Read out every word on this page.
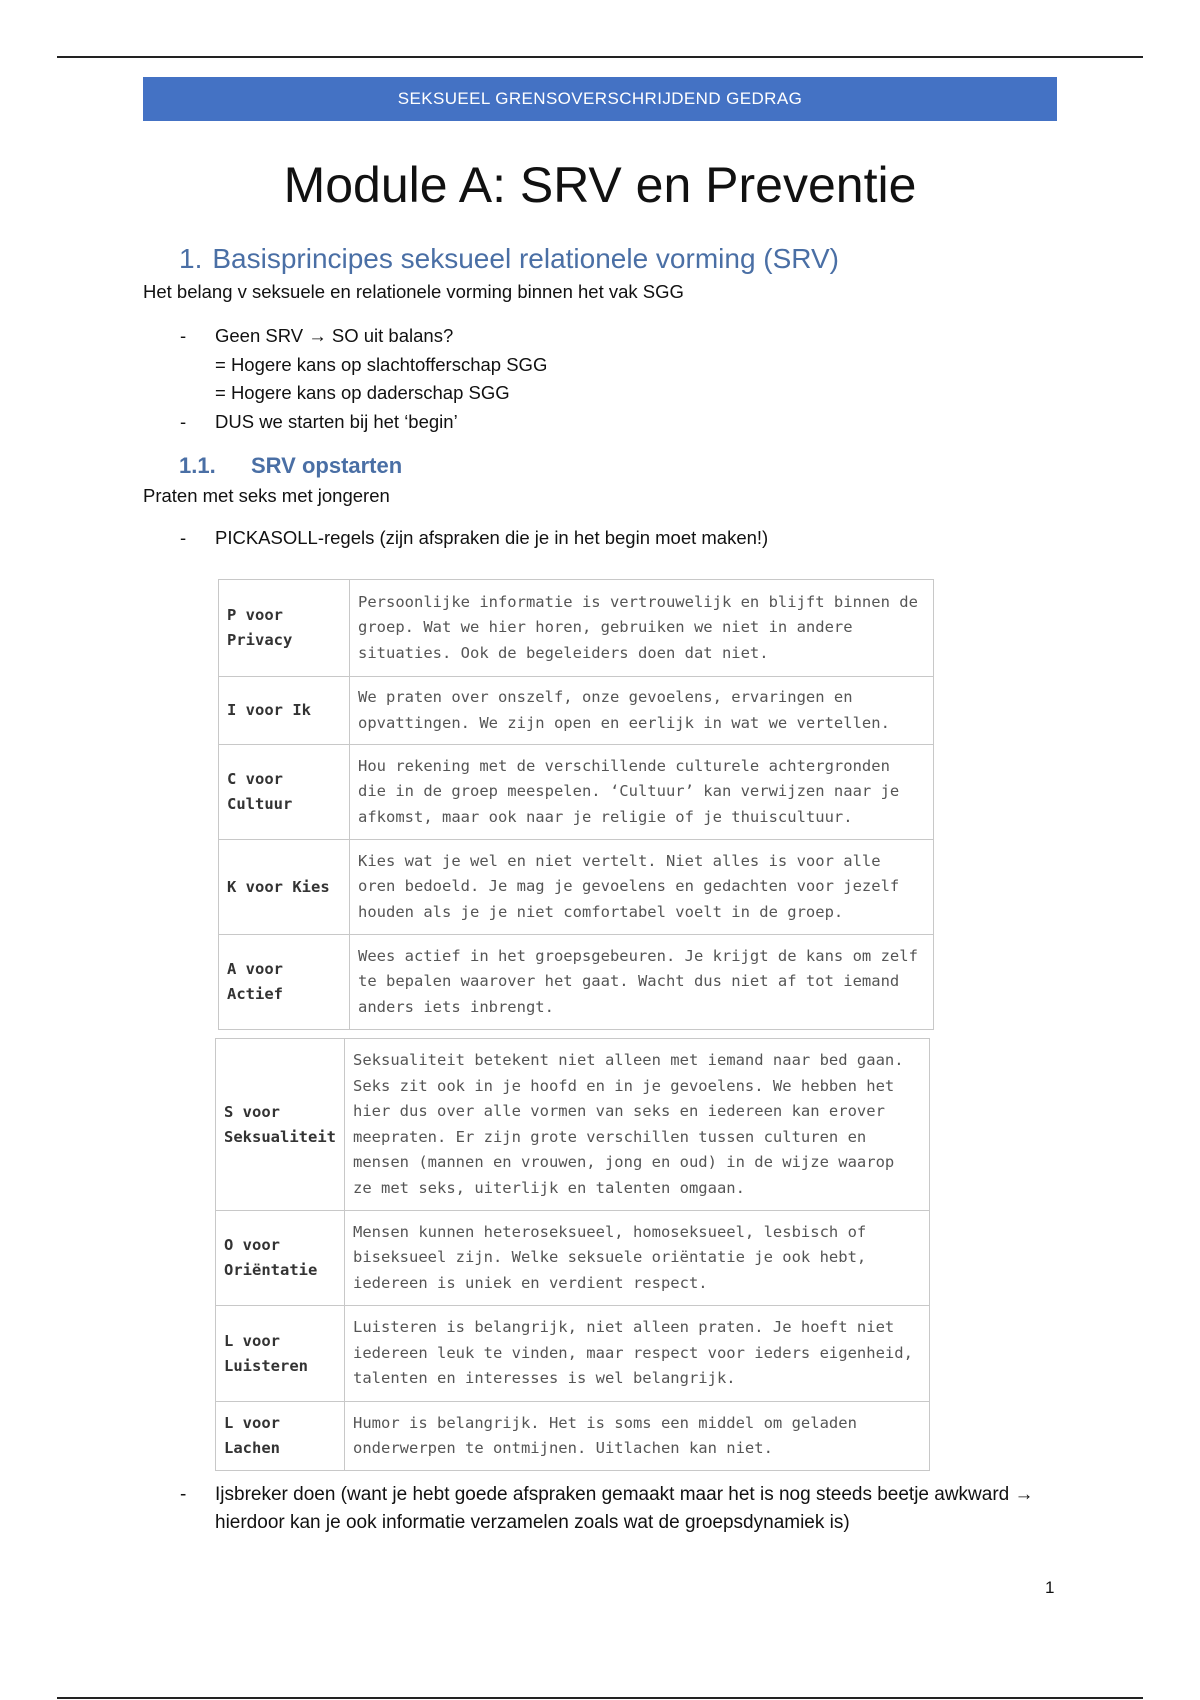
SEKSUEEL GRENSOVERSCHRIJDEND GEDRAG
Module A: SRV en Preventie
1. Basisprincipes seksueel relationele vorming (SRV)
Het belang v seksuele en relationele vorming binnen het vak SGG
-	Geen SRV → SO uit balans?
= Hogere kans op slachtofferschap SGG
= Hogere kans op daderschap SGG
-	DUS we starten bij het ‘begin’
1.1.	SRV opstarten
Praten met seks met jongeren
-	PICKASOLL-regels (zijn afspraken die je in het begin moet maken!)
P voor Privacy	Persoonlijke informatie is vertrouwelijk en blijft binnen de groep. Wat we hier horen, gebruiken we niet in andere situaties. Ook de begeleiders doen dat niet.
I voor Ik	We praten over onszelf, onze gevoelens, ervaringen en opvattingen. We zijn open en eerlijk in wat we vertellen.
C voor Cultuur	Hou rekening met de verschillende culturele achtergronden die in de groep meespelen. ‘Cultuur’ kan verwijzen naar je afkomst, maar ook naar je religie of je thuiscultuur.
K voor Kies	Kies wat je wel en niet vertelt. Niet alles is voor alle oren bedoeld. Je mag je gevoelens en gedachten voor jezelf houden als je je niet comfortabel voelt in de groep.
A voor Actief	Wees actief in het groepsgebeuren. Je krijgt de kans om zelf te bepalen waarover het gaat. Wacht dus niet af tot iemand anders iets inbrengt.
S voor Seksualiteit	Seksualiteit betekent niet alleen met iemand naar bed gaan. Seks zit ook in je hoofd en in je gevoelens. We hebben het hier dus over alle vormen van seks en iedereen kan erover meepraten. Er zijn grote verschillen tussen culturen en mensen (mannen en vrouwen, jong en oud) in de wijze waarop ze met seks, uiterlijk en talenten omgaan.
O voor Oriëntatie	Mensen kunnen heteroseksueel, homoseksueel, lesbisch of biseksueel zijn. Welke seksuele oriëntatie je ook hebt, iedereen is uniek en verdient respect.
L voor Luisteren	Luisteren is belangrijk, niet alleen praten. Je hoeft niet iedereen leuk te vinden, maar respect voor ieders eigenheid, talenten en interesses is wel belangrijk.
L voor Lachen	Humor is belangrijk. Het is soms een middel om geladen onderwerpen te ontmijnen. Uitlachen kan niet.
-	Ijsbreker doen (want je hebt goede afspraken gemaakt maar het is nog steeds beetje awkward → hierdoor kan je ook informatie verzamelen zoals wat de groepsdynamiek is)
1
